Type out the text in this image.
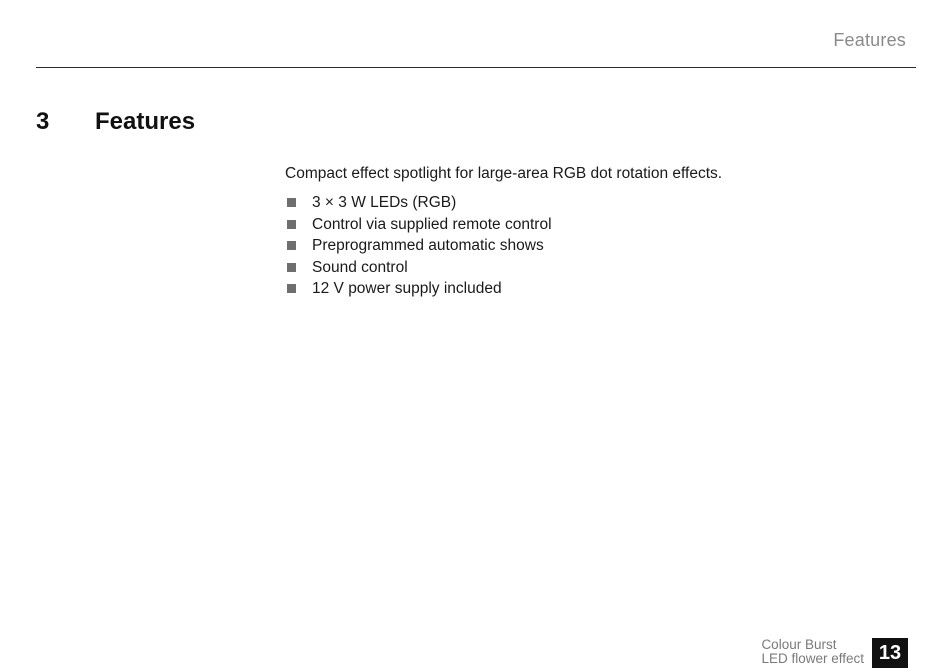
Features
3 Features

Compact effect spotlight for large-area RGB dot rotation effects.

3 × 3 W LEDs (RGB)
Control via supplied remote control
Preprogrammed automatic shows
Sound control
12 V power supply included
Colour Burst
LED flower effect 13
